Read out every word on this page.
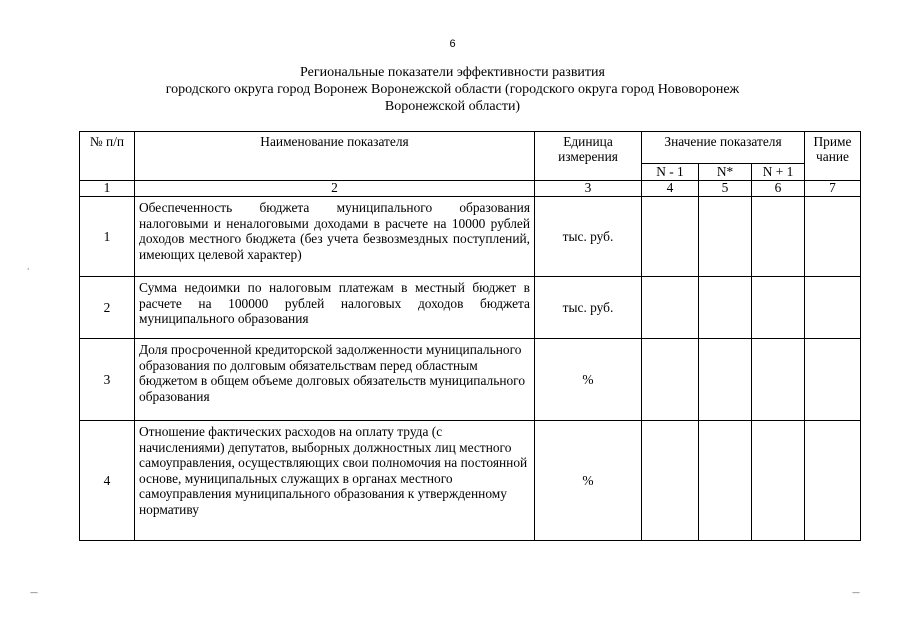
6
Региональные показатели эффективности развития
городского округа город Воронеж Воронежской области (городского округа город Нововоронеж
Воронежской области)
№ п/п	Наименование показателя	Единица измерения	Значение показателя			Приме чание
			N - 1	N*	N + 1	
1	2	3	4	5	6	7
1	Обеспеченность бюджета муниципального образования налоговыми и неналоговыми доходами в расчете на 10000 рублей доходов местного бюджета (без учета безвозмездных поступлений, имеющих целевой характер)	тыс. руб.				
2	Сумма недоимки по налоговым платежам в местный бюджет в расчете на 100000 рублей налоговых доходов бюджета муниципального образования	тыс. руб.				
3	Доля просроченной кредиторской задолженности муниципального образования по долговым обязательствам перед областным бюджетом в общем объеме долговых обязательств муниципального образования	%				
4	Отношение фактических расходов на оплату труда (с начислениями) депутатов, выборных должностных лиц местного самоуправления, осуществляющих свои полномочия на постоянной основе, муниципальных служащих в органах местного самоуправления муниципального образования к утвержденному нормативу	%				
ˌ
—	—
